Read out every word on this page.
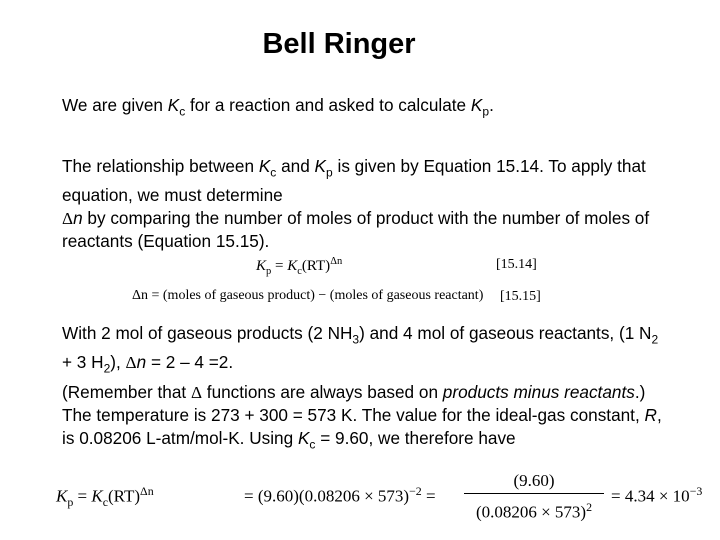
Bell Ringer
We are given $K_c$ for a reaction and asked to calculate $K_p$.
The relationship between $K_c$ and $K_p$ is given by Equation 15.14. To apply that equation, we must determine
Δn by comparing the number of moles of product with the number of moles of reactants (Equation 15.15).
$K_p = K_c(RT)^{\Delta n}$	[15.14]
Δn = (moles of gaseous product) − (moles of gaseous reactant) [15.15]
With 2 mol of gaseous products (2 $NH_3$) and 4 mol of gaseous reactants, (1 $N_2 + 3$ $H_2$), Δn = 2 – 4 =2.
(Remember that Δ functions are always based on products minus reactants.) The temperature is 273 + 300 = 573 K. The value for the ideal-gas constant, R, is 0.08206 L-atm/mol-K. Using $K_c = 9.60$, we therefore have
$K_p = K_c(RT)^{\Delta n}$	= $(9.60)(0.08206 \times 573)^{-2}$ =
(9.60)
$(0.08206 \times 573)^2$
= $4.34 \times 10^{-3}$
